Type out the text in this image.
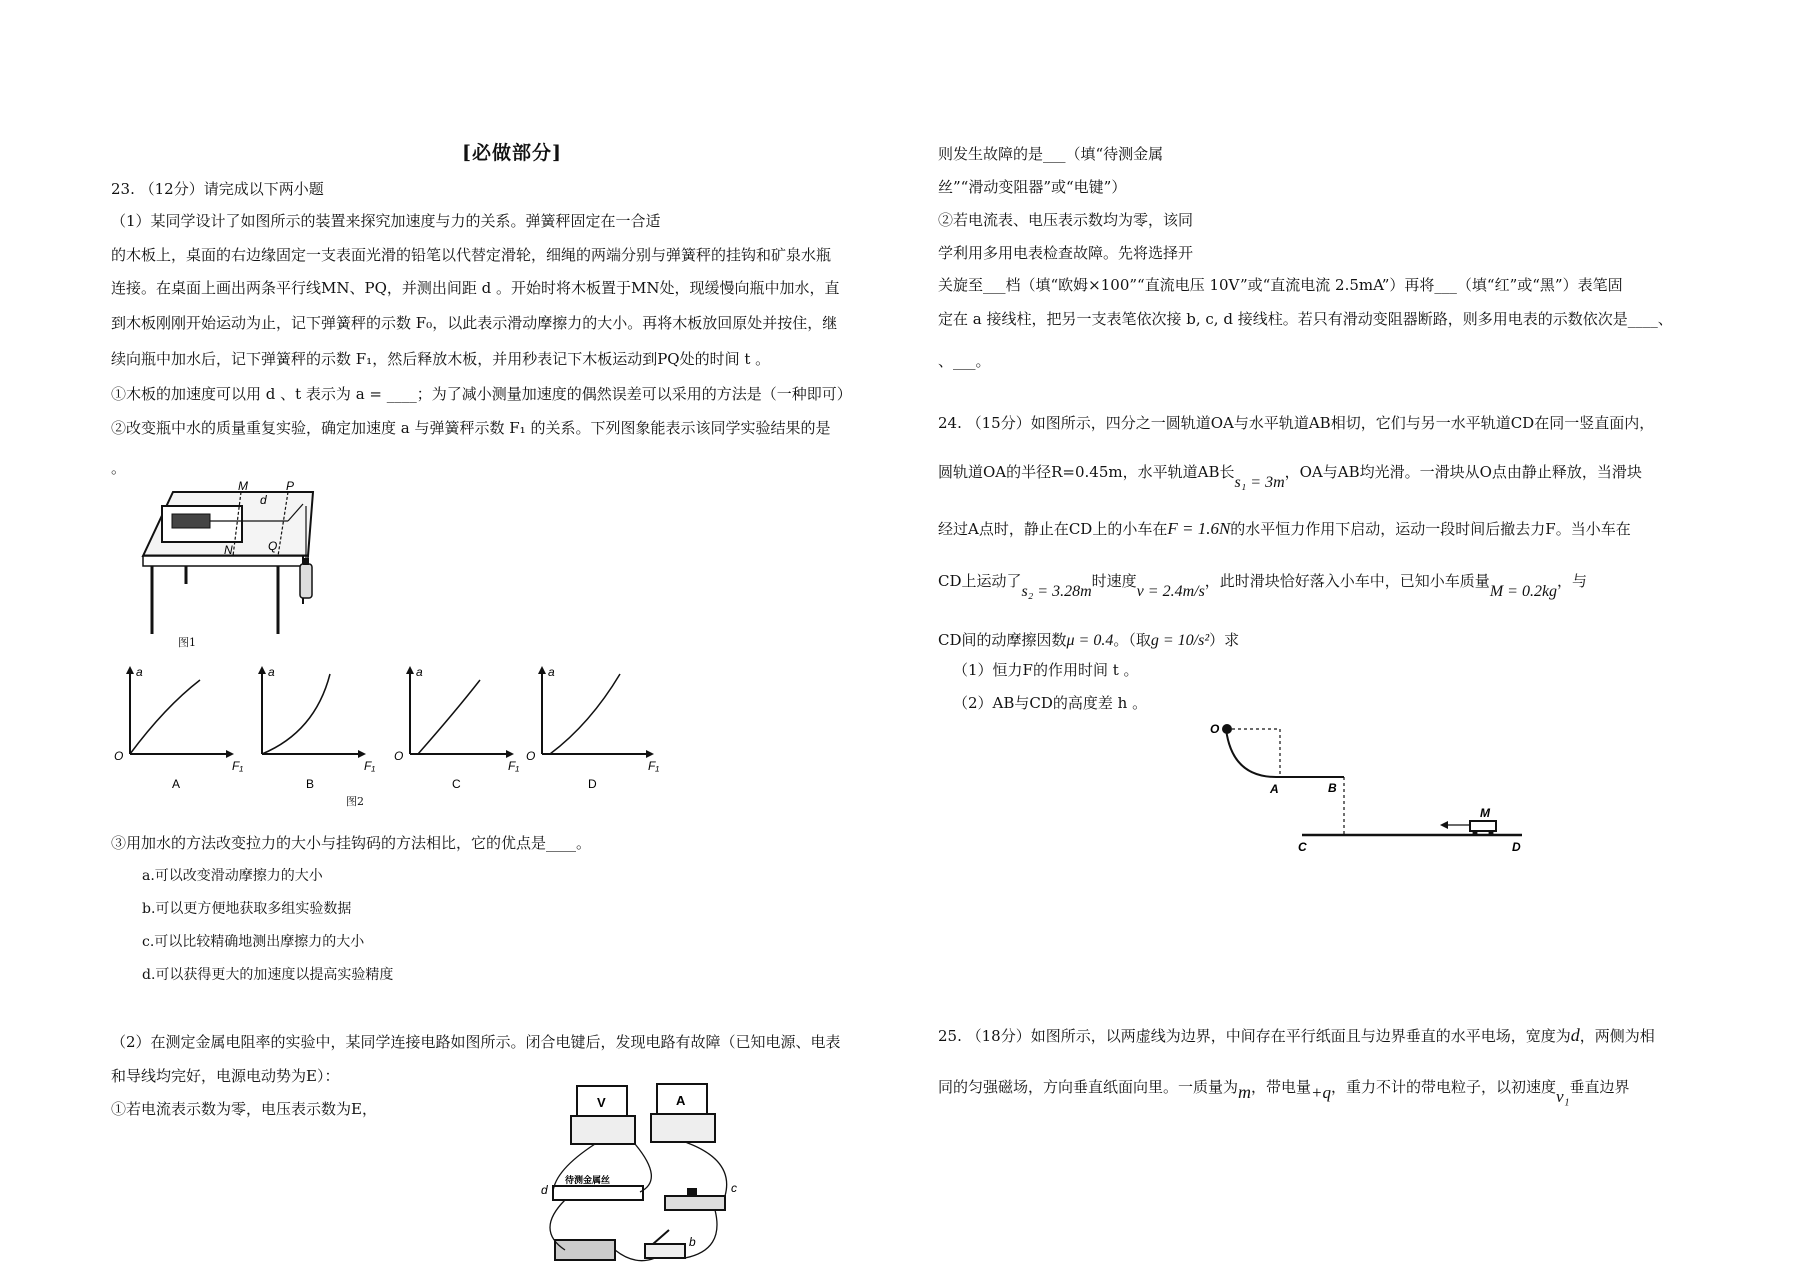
[必做部分]
23. （12分）请完成以下两小题
（1）某同学设计了如图所示的装置来探究加速度与力的关系。弹簧秤固定在一合适
的木板上，桌面的右边缘固定一支表面光滑的铅笔以代替定滑轮，细绳的两端分别与弹簧秤的挂钩和矿泉水瓶
连接。在桌面上画出两条平行线MN、PQ，并测出间距 d 。开始时将木板置于MN处，现缓慢向瓶中加水，直
到木板刚刚开始运动为止，记下弹簧秤的示数 F₀，以此表示滑动摩擦力的大小。再将木板放回原处并按住，继
续向瓶中加水后，记下弹簧秤的示数 F₁，然后释放木板，并用秒表记下木板运动到PQ处的时间 t 。
①木板的加速度可以用 d 、t 表示为 a = ____；为了减小测量加速度的偶然误差可以采用的方法是（一种即可）
②改变瓶中水的质量重复实验，确定加速度 a 与弹簧秤示数 F₁ 的关系。下列图象能表示该同学实验结果的是
。
M	P
d
N	Q
图1
a
F₁
O
A
a
F₁
B
a
F₁
O
C
a
F₁
O
D
图2
③用加水的方法改变拉力的大小与挂钩码的方法相比，它的优点是____。
a.可以改变滑动摩擦力的大小
b.可以更方便地获取多组实验数据
c.可以比较精确地测出摩擦力的大小
d.可以获得更大的加速度以提高实验精度
（2）在测定金属电阻率的实验中，某同学连接电路如图所示。闭合电键后，发现电路有故障（已知电源、电表
和导线均完好，电源电动势为E）：
①若电流表示数为零，电压表示数为E，	V	A
待测金属丝
d	c
b
则发生故障的是___（填“待测金属
丝”“滑动变阻器”或“电键”）
②若电流表、电压表示数均为零，该同
学利用多用电表检查故障。先将选择开
关旋至___档（填“欧姆×100”“直流电压 10V”或“直流电流 2.5mA”）再将___（填“红”或“黑”）表笔固
定在 a 接线柱，把另一支表笔依次接 b, c, d 接线柱。若只有滑动变阻器断路，则多用电表的示数依次是____、
、___。
24. （15分）如图所示，四分之一圆轨道OA与水平轨道AB相切，它们与另一水平轨道CD在同一竖直面内，
圆轨道OA的半径R=0.45m，水平轨道AB长s₁ = 3m，OA与AB均光滑。一滑块从O点由静止释放，当滑块
经过A点时，静止在CD上的小车在F = 1.6N的水平恒力作用下启动，运动一段时间后撤去力F。当小车在
CD上运动了s₂ = 3.28m时速度v = 2.4m/s，此时滑块恰好落入小车中，已知小车质量M = 0.2kg，与
CD间的动摩擦因数μ = 0.4。（取g = 10/s²）求
（1）恒力F的作用时间 t 。
（2）AB与CD的高度差 h 。
O
A	B
C	D
M
25. （18分）如图所示，以两虚线为边界，中间存在平行纸面且与边界垂直的水平电场，宽度为d，两侧为相
同的匀强磁场，方向垂直纸面向里。一质量为m，带电量+q，重力不计的带电粒子，以初速度v₁垂直边界
